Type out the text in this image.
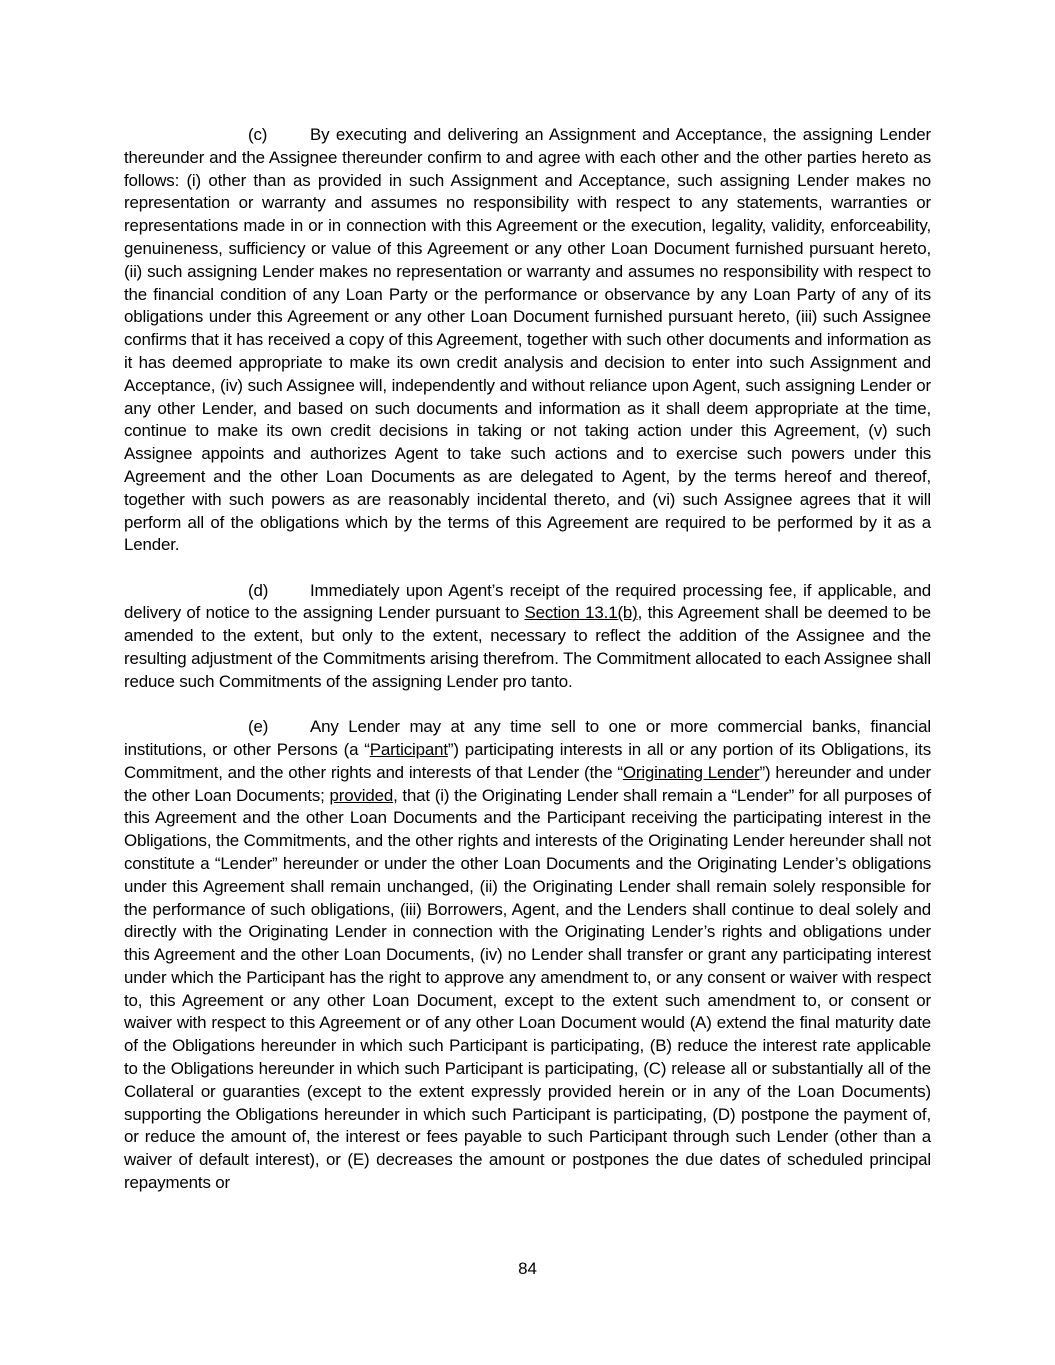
(c)	By executing and delivering an Assignment and Acceptance, the assigning Lender thereunder and the Assignee thereunder confirm to and agree with each other and the other parties hereto as follows: (i) other than as provided in such Assignment and Acceptance, such assigning Lender makes no representation or warranty and assumes no responsibility with respect to any statements, warranties or representations made in or in connection with this Agreement or the execution, legality, validity, enforceability, genuineness, sufficiency or value of this Agreement or any other Loan Document furnished pursuant hereto, (ii) such assigning Lender makes no representation or warranty and assumes no responsibility with respect to the financial condition of any Loan Party or the performance or observance by any Loan Party of any of its obligations under this Agreement or any other Loan Document furnished pursuant hereto, (iii) such Assignee confirms that it has received a copy of this Agreement, together with such other documents and information as it has deemed appropriate to make its own credit analysis and decision to enter into such Assignment and Acceptance, (iv) such Assignee will, independently and without reliance upon Agent, such assigning Lender or any other Lender, and based on such documents and information as it shall deem appropriate at the time, continue to make its own credit decisions in taking or not taking action under this Agreement, (v) such Assignee appoints and authorizes Agent to take such actions and to exercise such powers under this Agreement and the other Loan Documents as are delegated to Agent, by the terms hereof and thereof, together with such powers as are reasonably incidental thereto, and (vi) such Assignee agrees that it will perform all of the obligations which by the terms of this Agreement are required to be performed by it as a Lender.

(d) Immediately upon Agent’s receipt of the required processing fee, if applicable, and delivery of notice to the assigning Lender pursuant to Section 13.1(b), this Agreement shall be deemed to be amended to the extent, but only to the extent, necessary to reflect the addition of the Assignee and the resulting adjustment of the Commitments arising therefrom. The Commitment allocated to each Assignee shall reduce such Commitments of the assigning Lender pro tanto.

(e) Any Lender may at any time sell to one or more commercial banks, financial institutions, or other Persons (a “Participant”) participating interests in all or any portion of its Obligations, its Commitment, and the other rights and interests of that Lender (the “Originating Lender”) hereunder and under the other Loan Documents; provided, that (i) the Originating Lender shall remain a “Lender” for all purposes of this Agreement and the other Loan Documents and the Participant receiving the participating interest in the Obligations, the Commitments, and the other rights and interests of the Originating Lender hereunder shall not constitute a “Lender” hereunder or under the other Loan Documents and the Originating Lender’s obligations under this Agreement shall remain unchanged, (ii) the Originating Lender shall remain solely responsible for the performance of such obligations, (iii) Borrowers, Agent, and the Lenders shall continue to deal solely and directly with the Originating Lender in connection with the Originating Lender’s rights and obligations under this Agreement and the other Loan Documents, (iv) no Lender shall transfer or grant any participating interest under which the Participant has the right to approve any amendment to, or any consent or waiver with respect to, this Agreement or any other Loan Document, except to the extent such amendment to, or consent or waiver with respect to this Agreement or of any other Loan Document would (A) extend the final maturity date of the Obligations hereunder in which such Participant is participating, (B) reduce the interest rate applicable to the Obligations hereunder in which such Participant is participating, (C) release all or substantially all of the Collateral or guaranties (except to the extent expressly provided herein or in any of the Loan Documents) supporting the Obligations hereunder in which such Participant is participating, (D) postpone the payment of, or reduce the amount of, the interest or fees payable to such Participant through such Lender (other than a waiver of default interest), or (E) decreases the amount or postpones the due dates of scheduled principal repayments or

84
